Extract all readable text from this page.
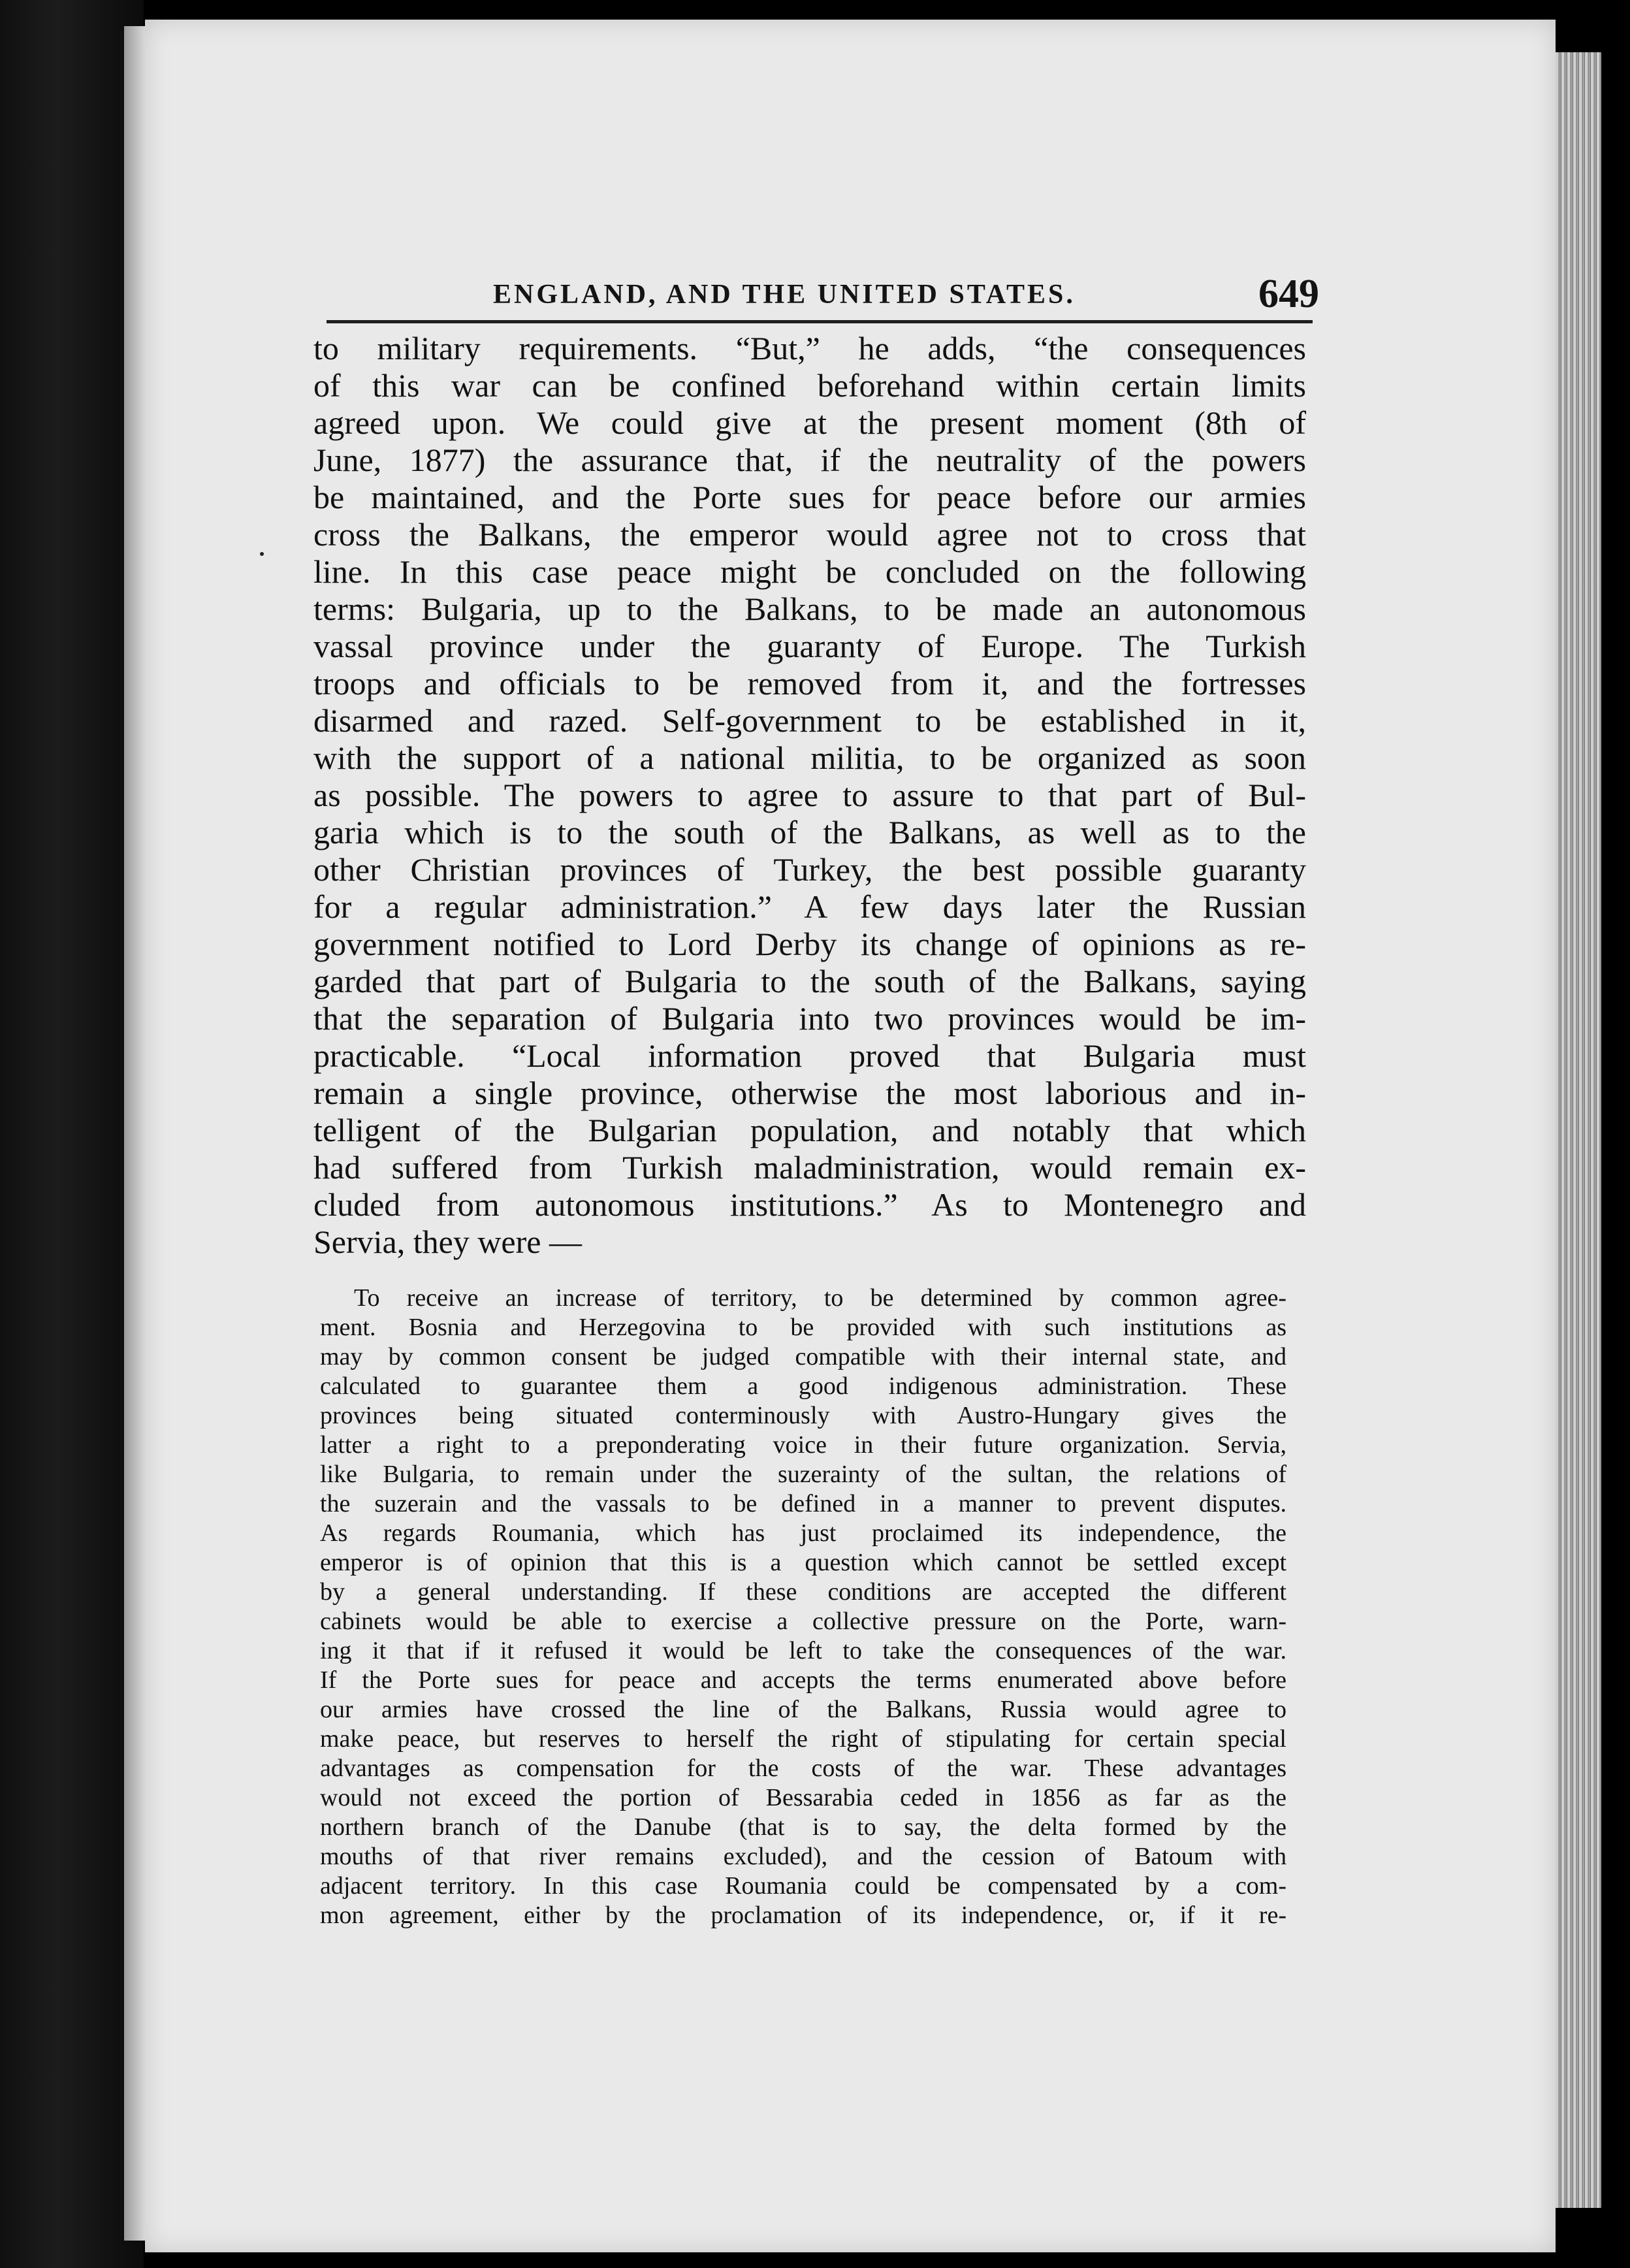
ENGLAND, AND THE UNITED STATES.	649
to military requirements. “But,” he adds, “the consequences
of this war can be confined beforehand within certain limits
agreed upon. We could give at the present moment (8th of
June, 1877) the assurance that, if the neutrality of the powers
be maintained, and the Porte sues for peace before our armies
cross the Balkans, the emperor would agree not to cross that
line. In this case peace might be concluded on the following
terms: Bulgaria, up to the Balkans, to be made an autonomous
vassal province under the guaranty of Europe. The Turkish
troops and officials to be removed from it, and the fortresses
disarmed and razed. Self-government to be established in it,
with the support of a national militia, to be organized as soon
as possible. The powers to agree to assure to that part of Bul-
garia which is to the south of the Balkans, as well as to the
other Christian provinces of Turkey, the best possible guaranty
for a regular administration.” A few days later the Russian
government notified to Lord Derby its change of opinions as re-
garded that part of Bulgaria to the south of the Balkans, saying
that the separation of Bulgaria into two provinces would be im-
practicable. “Local information proved that Bulgaria must
remain a single province, otherwise the most laborious and in-
telligent of the Bulgarian population, and notably that which
had suffered from Turkish maladministration, would remain ex-
cluded from autonomous institutions.” As to Montenegro and
Servia, they were —
To receive an increase of territory, to be determined by common agree-
ment. Bosnia and Herzegovina to be provided with such institutions as
may by common consent be judged compatible with their internal state, and
calculated to guarantee them a good indigenous administration. These
provinces being situated conterminously with Austro-Hungary gives the
latter a right to a preponderating voice in their future organization. Servia,
like Bulgaria, to remain under the suzerainty of the sultan, the relations of
the suzerain and the vassals to be defined in a manner to prevent disputes.
As regards Roumania, which has just proclaimed its independence, the
emperor is of opinion that this is a question which cannot be settled except
by a general understanding. If these conditions are accepted the different
cabinets would be able to exercise a collective pressure on the Porte, warn-
ing it that if it refused it would be left to take the consequences of the war.
If the Porte sues for peace and accepts the terms enumerated above before
our armies have crossed the line of the Balkans, Russia would agree to
make peace, but reserves to herself the right of stipulating for certain special
advantages as compensation for the costs of the war. These advantages
would not exceed the portion of Bessarabia ceded in 1856 as far as the
northern branch of the Danube (that is to say, the delta formed by the
mouths of that river remains excluded), and the cession of Batoum with
adjacent territory. In this case Roumania could be compensated by a com-
mon agreement, either by the proclamation of its independence, or, if it re-
